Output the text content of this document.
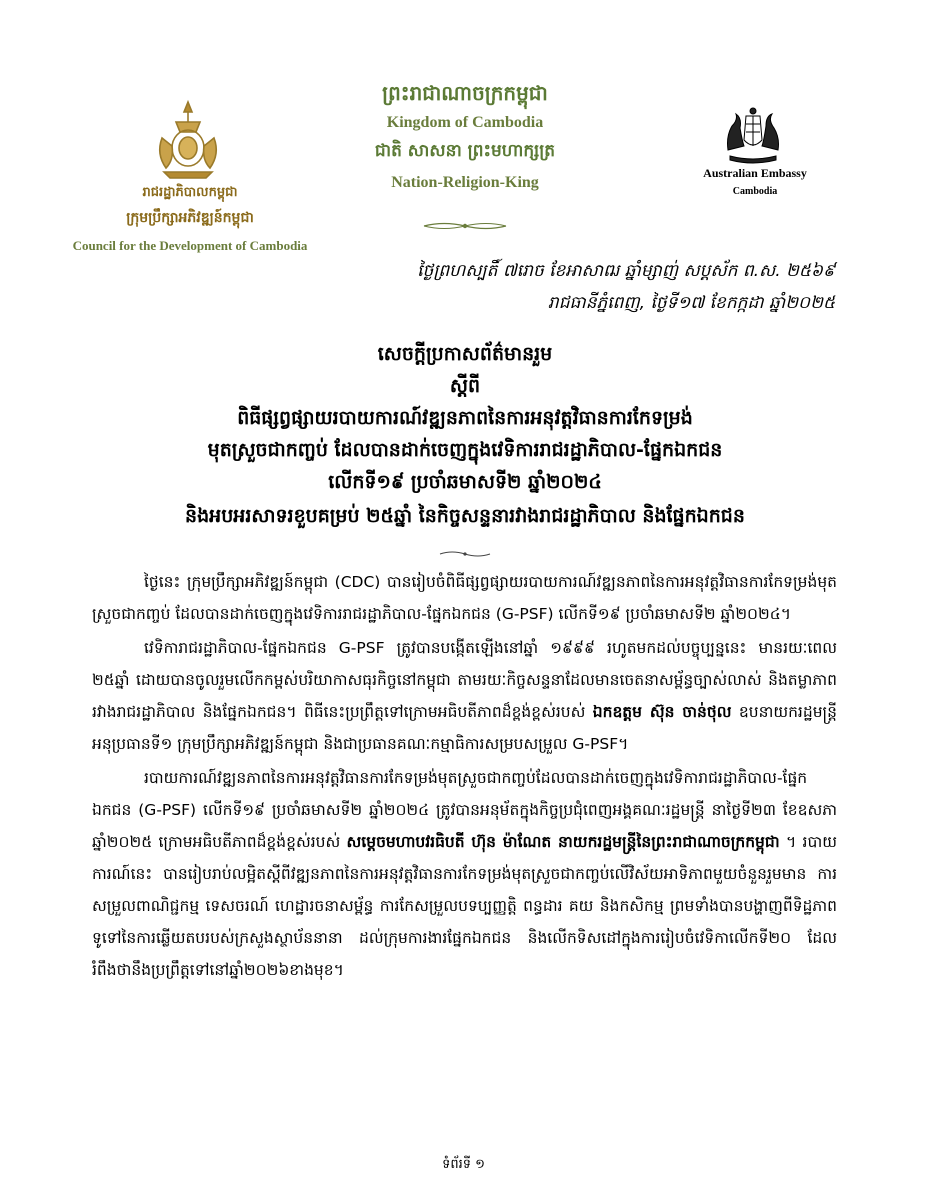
រាជរដ្ឋាភិបាលកម្ពុជា
ក្រុមប្រឹក្សាអភិវឌ្ឍន៍កម្ពុជា
Council for the Development of Cambodia
ព្រះរាជាណាចក្រកម្ពុជា
Kingdom of Cambodia
ជាតិ សាសនា ព្រះមហាក្សត្រ
Nation-Religion-King
Australian Embassy
Cambodia
ថ្ងៃព្រហស្បតិ៍ ៧រោច ខែអាសាឍ ឆ្នាំម្សាញ់ សប្តស័ក ព.ស. ២៥៦៩
រាជធានីភ្នំពេញ, ថ្ងៃទី១៧ ខែកក្កដា ឆ្នាំ២០២៥
សេចក្តីប្រកាសព័ត៌មានរួម
ស្តីពី
ពិធីផ្សព្វផ្សាយរបាយការណ៍វឌ្ឍនភាពនៃការអនុវត្តវិធានការកែទម្រង់
មុតស្រួចជាកញ្ចប់ ដែលបានដាក់ចេញក្នុងវេទិការរាជរដ្ឋាភិបាល-ផ្នែកឯកជន
លើកទី១៩ ប្រចាំឆមាសទី២ ឆ្នាំ២០២៤
និងអបអរសាទរខួបគម្រប់ ២៥ឆ្នាំ នៃកិច្ចសន្ទនារវាងរាជរដ្ឋាភិបាល និងផ្នែកឯកជន

ថ្ងៃនេះ ក្រុមប្រឹក្សាអភិវឌ្ឍន៍កម្ពុជា (CDC) បានរៀបចំពិធីផ្សព្វផ្សាយរបាយការណ៍វឌ្ឍនភាពនៃការអនុវត្តវិធានការកែទម្រង់មុតស្រួចជាកញ្ចប់ ដែលបានដាក់ចេញក្នុងវេទិការរាជរដ្ឋាភិបាល-ផ្នែកឯកជន (G-PSF) លើកទី១៩ ប្រចាំឆមាសទី២ ឆ្នាំ២០២៤។

វេទិការាជរដ្ឋាភិបាល-ផ្នែកឯកជន G-PSF ត្រូវបានបង្កើតឡើងនៅឆ្នាំ ១៩៩៩ រហូតមកដល់បច្ចុប្បន្ននេះ មានរយៈពេល ២៥ឆ្នាំ ដោយបានចូលរួមលើកកម្ពស់បរិយាកាសធុរកិច្ចនៅកម្ពុជា តាមរយៈកិច្ចសន្ទនាដែលមានចេតនាសម្ព័ន្ធច្បាស់លាស់ និងតម្លាភាពរវាងរាជរដ្ឋាភិបាល និងផ្នែកឯកជន។ ពិធីនេះប្រព្រឹត្តទៅក្រោមអធិបតីភាពដ៏ខ្ពង់ខ្ពស់របស់ ឯកឧត្តម ស៊ុន ចាន់ថុល ឧបនាយករដ្ឋមន្ត្រី អនុប្រធានទី១ ក្រុមប្រឹក្សាអភិវឌ្ឍន៍កម្ពុជា និងជាប្រធានគណៈកម្មាធិការសម្របសម្រួល G-PSF។

របាយការណ៍វឌ្ឍនភាពនៃការអនុវត្តវិធានការកែទម្រង់មុតស្រួចជាកញ្ចប់ដែលបានដាក់ចេញក្នុងវេទិការាជរដ្ឋាភិបាល-ផ្នែកឯកជន (G-PSF) លើកទី១៩ ប្រចាំឆមាសទី២ ឆ្នាំ២០២៤ ត្រូវបានអនុម័តក្នុងកិច្ចប្រជុំពេញអង្គគណៈរដ្ឋមន្ត្រី នាថ្ងៃទី២៣ ខែឧសភា ឆ្នាំ២០២៥ ក្រោមអធិបតីភាពដ៏ខ្ពង់ខ្ពស់របស់ សម្តេចមហាបវរធិបតី ហ៊ុន ម៉ាណែត នាយករដ្ឋមន្ត្រីនៃព្រះរាជាណាចក្រកម្ពុជា ។ របាយការណ៍នេះ បានរៀបរាប់លម្អិតស្តីពីវឌ្ឍនភាពនៃការអនុវត្តវិធានការកែទម្រង់មុតស្រួចជាកញ្ចប់លើវិស័យអាទិភាពមួយចំនួនរួមមាន ការសម្រួលពាណិជ្ជកម្ម ទេសចរណ៍ ហេដ្ឋារចនាសម្ព័ន្ធ ការកែសម្រួលបទប្បញ្ញត្តិ ពន្ធដារ គយ និងកសិកម្ម ព្រមទាំងបានបង្ហាញពីទិដ្ឋភាពទូទៅនៃការឆ្លើយតបរបស់ក្រសួងស្ថាប័ននានា ដល់ក្រុមការងារផ្នែកឯកជន និងលើកទិសដៅក្នុងការរៀបចំវេទិកាលើកទី២០ ដែលរំពឹងថានឹងប្រព្រឹត្តទៅនៅឆ្នាំ២០២៦ខាងមុខ។

ទំព័រទី ១
